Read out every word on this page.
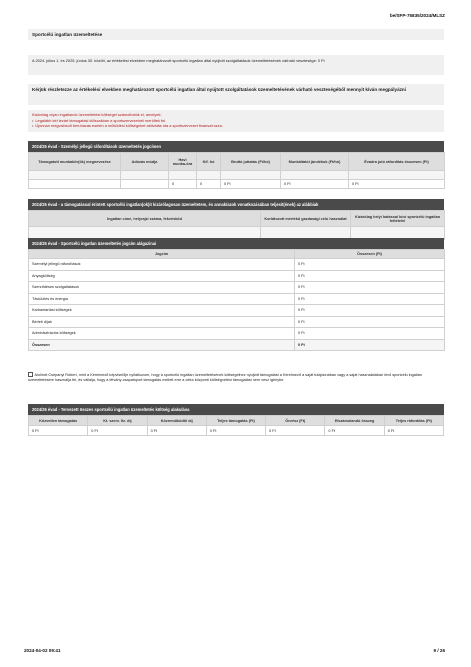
be/SFP-75835/2024/MLSZ
Sportcélú ingatlan üzemeltetése
A 2024. július 1. és 2025. június 30. között, az értékelési elvekben meghatározott sportcélú ingatlan által nyújtott szolgáltatások üzemeltetésének várható vesztesége: 0 Ft
Kérjük részletezze az értékelési elvekben meghatározott sportcélú ingatlan által nyújtott szolgáltatások üzemeltetésének várható veszteségéből mennyit kíván megpályázni
Kizárólag olyan ingatlanok üzemeltetési költségei számolhatók el, amelyek:
• Legalább két lezárt támogatási időszakban a sportszervezetnél merültek fel.
• Újonnan megvalósult beruházás esetén a működési költségeket aktiválás óta a sportszervezet finanszírozza.
2024/25 évad - Személyi jellegű ráfordítások üzemeltetés jogcímen
Támogatott munkakör(ök) megnevezése	Adózás módja	Havi munka-óra	Kif. hó	Bruttó juttatás (Ft/hó)	Munkáltatói járulékok (Ft/hó)	Évadra jutó ráfordítás összesen (Ft)

		0	0	0 Ft	0 Ft	0 Ft
2024/25 évad - a támogatással érintett sportcélú ingatlan(ok)it kizárólagosan üzemeltetem, és annak/azok vonatkozásában teljesít(ének) az alábbiak
Ingatlan címe, helyrajzi száma, fekvésköd	Korlátozott mértékű gazdasági célú használat	Kizárólag helyi hatással bíró sportcélú ingatlan feltételei

2024/25 évad - Sportcélú ingatlan üzemeltetés jogcím alágazinai
Jogcím	Összesen (Ft)
Személyi jellegű ráfordítások	0 Ft
Anyagköltség	0 Ft
Szerződéses szolgáltatások	0 Ft
Távközlés és energia	0 Ft
Karbantartási költségek	0 Ft
Bérleti díjak	0 Ft
Adminisztrációs költségek	0 Ft
Összesen	0 Ft
Alulírott Csépányi Róbert, mint a Kérelmező képviselője nyilatkozom, hogy a sportcélú ingatlan üzemeltetésének költségeihez nyújtott támogatást a Kérelmező a saját tulajdonában vagy a saját használatában lévő sportcélú ingatlan üzemeltetésére használja fel, és vállalja, hogy a létvány-csapatsport támogatás mellett erre a célra központi költségvetési támogatást nem vesz igénybe.
2024/25 évad - Tervezett összes sportcélú ingatlan üzemeltetés költség alakulása
Közvetlen támogatás	Kt. szerv. fiz. díj	Közreműködői díj	Teljes támogatás (Ft)	Önrész (Ft)	Elszámolandó összeg	Teljes ráfordítás (Ft)
0 Ft	0 Ft	0 Ft	0 Ft	0 Ft	0 Ft	0 Ft
2024-04-02 09:41	9 / 26
